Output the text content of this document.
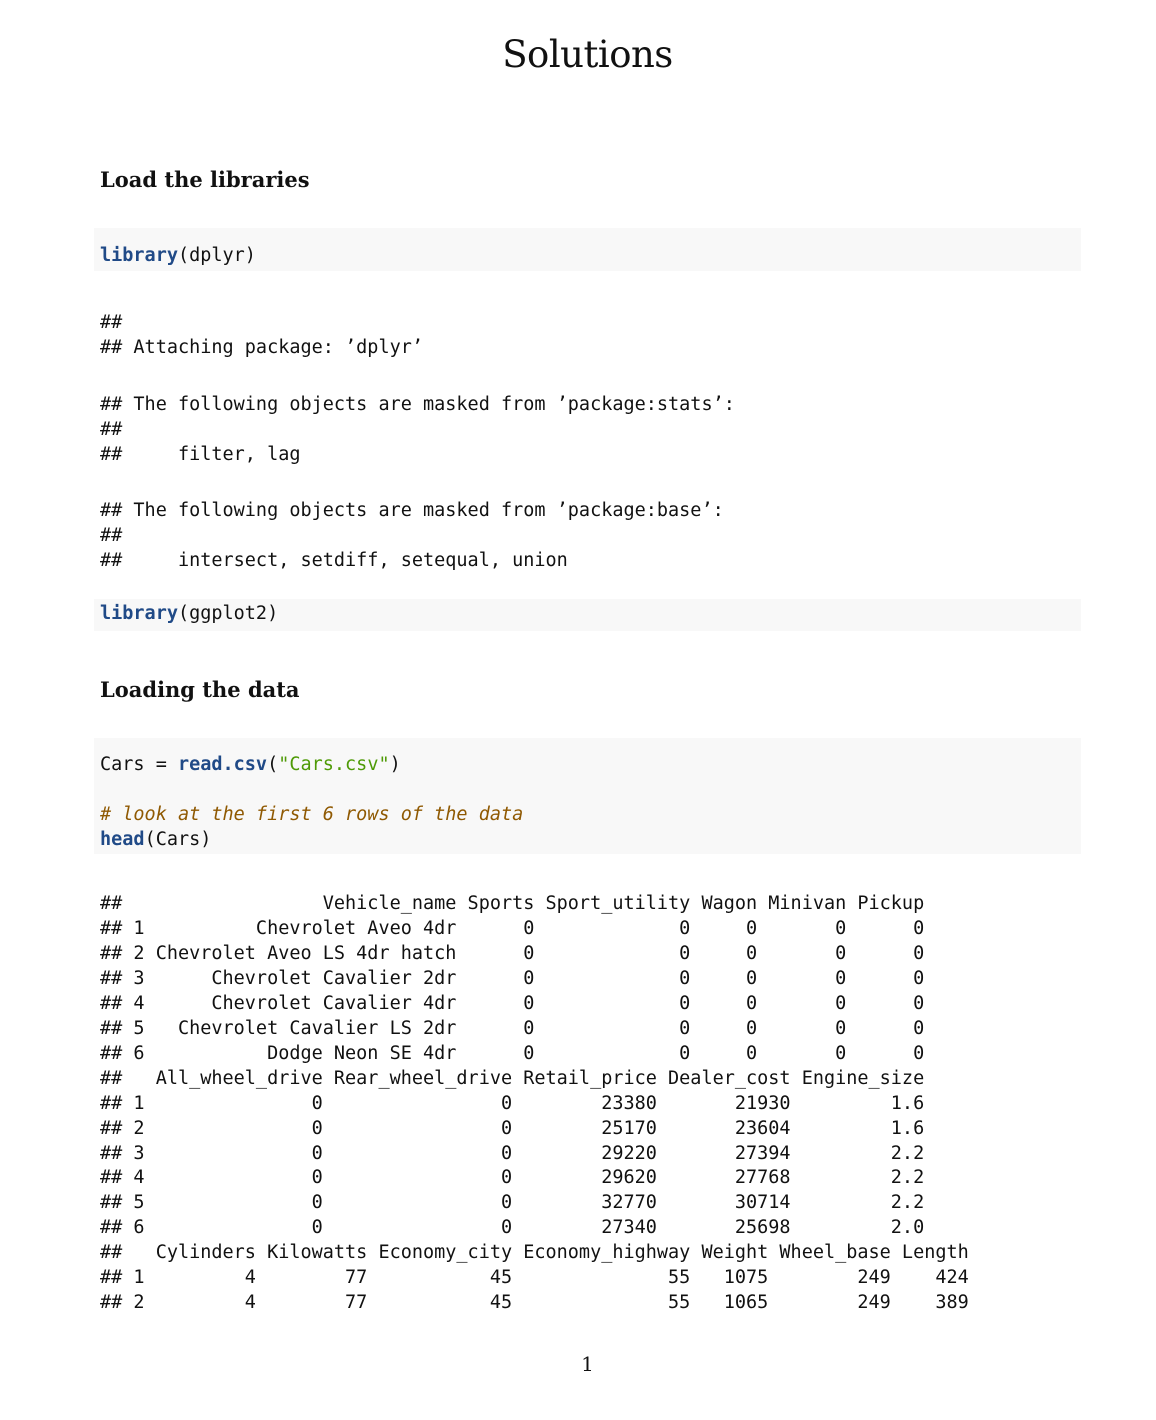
Solutions
Load the libraries
library(dplyr)
##
## Attaching package: ’dplyr’
## The following objects are masked from ’package:stats’:
##
##     filter, lag
## The following objects are masked from ’package:base’:
##
##     intersect, setdiff, setequal, union
library(ggplot2)
Loading the data
Cars = read.csv("Cars.csv")
# look at the first 6 rows of the data
head(Cars)
##                  Vehicle_name Sports Sport_utility Wagon Minivan Pickup
## 1          Chevrolet Aveo 4dr      0             0     0       0      0
## 2 Chevrolet Aveo LS 4dr hatch      0             0     0       0      0
## 3      Chevrolet Cavalier 2dr      0             0     0       0      0
## 4      Chevrolet Cavalier 4dr      0             0     0       0      0
## 5   Chevrolet Cavalier LS 2dr      0             0     0       0      0
## 6           Dodge Neon SE 4dr      0             0     0       0      0
##   All_wheel_drive Rear_wheel_drive Retail_price Dealer_cost Engine_size
## 1               0                0        23380       21930         1.6
## 2               0                0        25170       23604         1.6
## 3               0                0        29220       27394         2.2
## 4               0                0        29620       27768         2.2
## 5               0                0        32770       30714         2.2
## 6               0                0        27340       25698         2.0
##   Cylinders Kilowatts Economy_city Economy_highway Weight Wheel_base Length
## 1         4        77           45              55   1075        249    424
## 2         4        77           45              55   1065        249    389
1
